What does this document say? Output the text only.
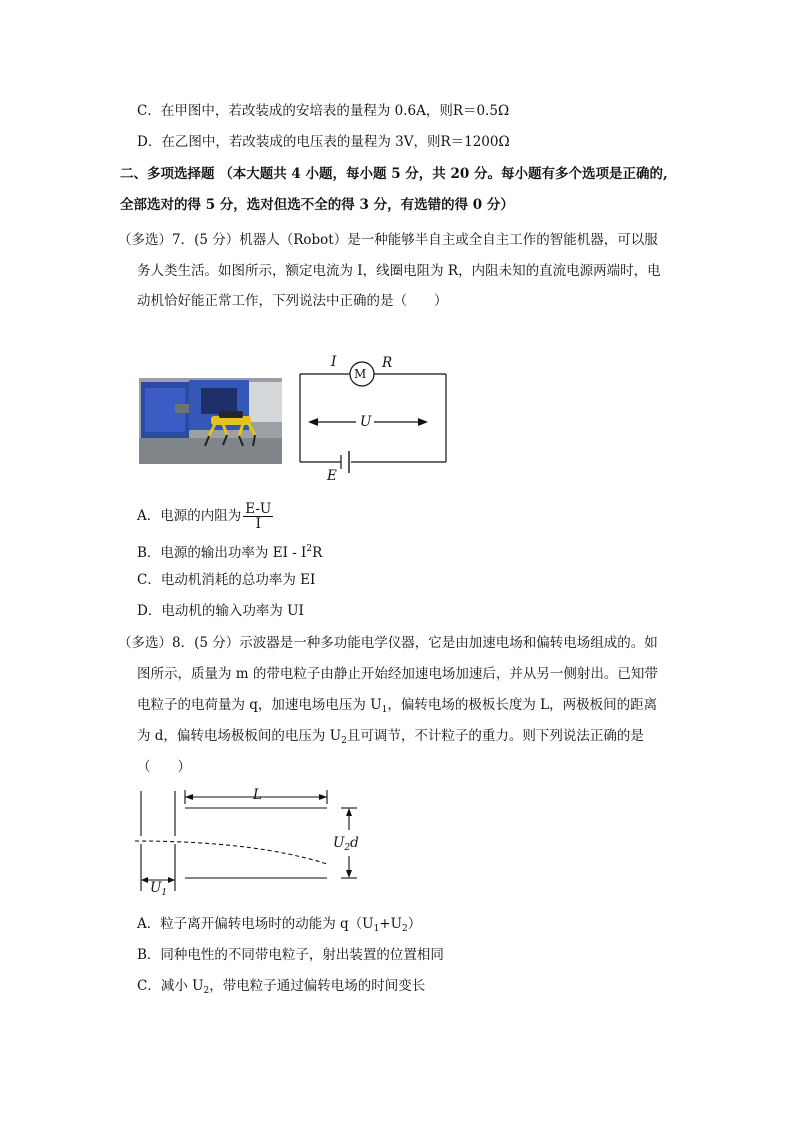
C．在甲图中，若改装成的安培表的量程为 0.6A，则R＝0.5Ω
D．在乙图中，若改装成的电压表的量程为 3V，则R＝1200Ω
二、多项选择题 （本大题共 4 小题，每小题 5 分，共 20 分。每小题有多个选项是正确的,
全部选对的得 5 分，选对但选不全的得 3 分，有选错的得 0 分）
（多选）7．(5 分）机器人（Robot）是一种能够半自主或全自主工作的智能机器，可以服
务人类生活。如图所示，额定电流为 I，线圈电阻为 R，内阻未知的直流电源两端时，电
动机恰好能正常工作，下列说法中正确的是（　　）
I
M
R
U
E
A．电源的内阻为 $\frac{E-U}{I}$
B．电源的输出功率为 EI - $I^2R$
C．电动机消耗的总功率为 EI
D．电动机的输入功率为 UI
（多选）8．(5 分）示波器是一种多功能电学仪器，它是由加速电场和偏转电场组成的。如
图所示，质量为 m 的带电粒子由静止开始经加速电场加速后，并从另一侧射出。已知带
电粒子的电荷量为 q，加速电场电压为 $U_1$，偏转电场的极板长度为 L，两极板间的距离
为 d，偏转电场极板间的电压为 $U_2$且可调节，不计粒子的重力。则下列说法正确的是
（　　）
L
$U_2d$
$U_1$
A．粒子离开偏转电场时的动能为 $q(U_1+U_2)$
B．同种电性的不同带电粒子，射出装置的位置相同
C．减小 $U_2$，带电粒子通过偏转电场的时间变长
